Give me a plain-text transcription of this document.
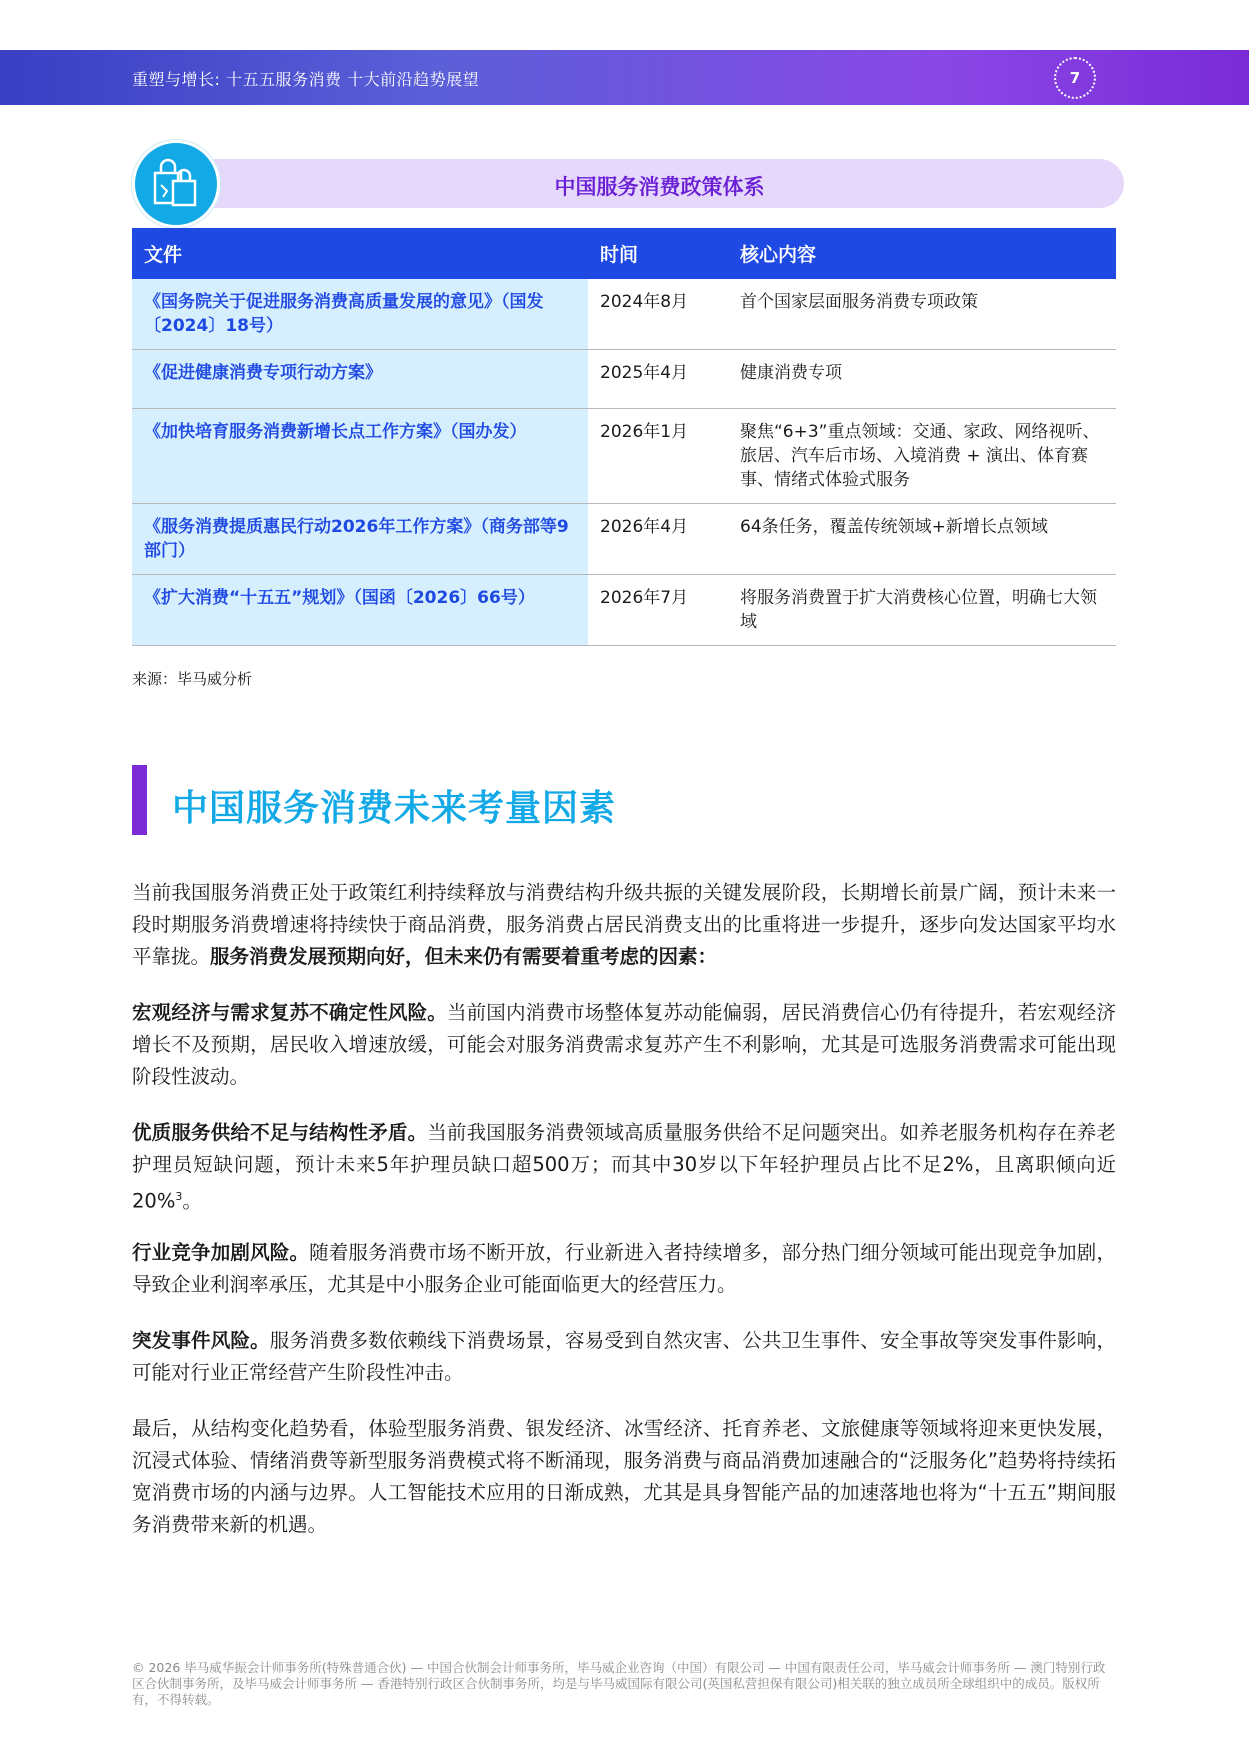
重塑与增长: 十五五服务消费 十大前沿趋势展望	7
中国服务消费政策体系
文件	时间	核心内容
《国务院关于促进服务消费高质量发展的意见》（国发〔2024〕18号）	2024年8月	首个国家层面服务消费专项政策
《促进健康消费专项行动方案》	2025年4月	健康消费专项
《加快培育服务消费新增长点工作方案》（国办发）	2026年1月	聚焦“6+3”重点领域：交通、家政、网络视听、旅居、汽车后市场、入境消费 + 演出、体育赛事、情绪式体验式服务
《服务消费提质惠民行动2026年工作方案》（商务部等9部门）	2026年4月	64条任务，覆盖传统领域+新增长点领域
《扩大消费“十五五”规划》（国函〔2026〕66号）	2026年7月	将服务消费置于扩大消费核心位置，明确七大领域
来源：毕马威分析
中国服务消费未来考量因素
当前我国服务消费正处于政策红利持续释放与消费结构升级共振的关键发展阶段，长期增长前景广阔，预计未来一段时期服务消费增速将持续快于商品消费，服务消费占居民消费支出的比重将进一步提升，逐步向发达国家平均水平靠拢。服务消费发展预期向好，但未来仍有需要着重考虑的因素：
宏观经济与需求复苏不确定性风险。当前国内消费市场整体复苏动能偏弱，居民消费信心仍有待提升，若宏观经济增长不及预期，居民收入增速放缓，可能会对服务消费需求复苏产生不利影响，尤其是可选服务消费需求可能出现阶段性波动。
优质服务供给不足与结构性矛盾。当前我国服务消费领域高质量服务供给不足问题突出。如养老服务机构存在养老护理员短缺问题，预计未来5年护理员缺口超500万；而其中30岁以下年轻护理员占比不足2%，且离职倾向近20%$^3$。
行业竞争加剧风险。随着服务消费市场不断开放，行业新进入者持续增多，部分热门细分领域可能出现竞争加剧，导致企业利润率承压，尤其是中小服务企业可能面临更大的经营压力。
突发事件风险。服务消费多数依赖线下消费场景，容易受到自然灾害、公共卫生事件、安全事故等突发事件影响，可能对行业正常经营产生阶段性冲击。
最后，从结构变化趋势看，体验型服务消费、银发经济、冰雪经济、托育养老、文旅健康等领域将迎来更快发展，沉浸式体验、情绪消费等新型服务消费模式将不断涌现，服务消费与商品消费加速融合的“泛服务化”趋势将持续拓宽消费市场的内涵与边界。人工智能技术应用的日渐成熟，尤其是具身智能产品的加速落地也将为“十五五”期间服务消费带来新的机遇。
© 2026 毕马威华振会计师事务所(特殊普通合伙) — 中国合伙制会计师事务所，毕马威企业咨询（中国）有限公司 — 中国有限责任公司，毕马威会计师事务所 — 澳门特别行政区合伙制事务所，及毕马威会计师事务所 — 香港特别行政区合伙制事务所，均是与毕马威国际有限公司(英国私营担保有限公司)相关联的独立成员所全球组织中的成员。版权所有，不得转载。
